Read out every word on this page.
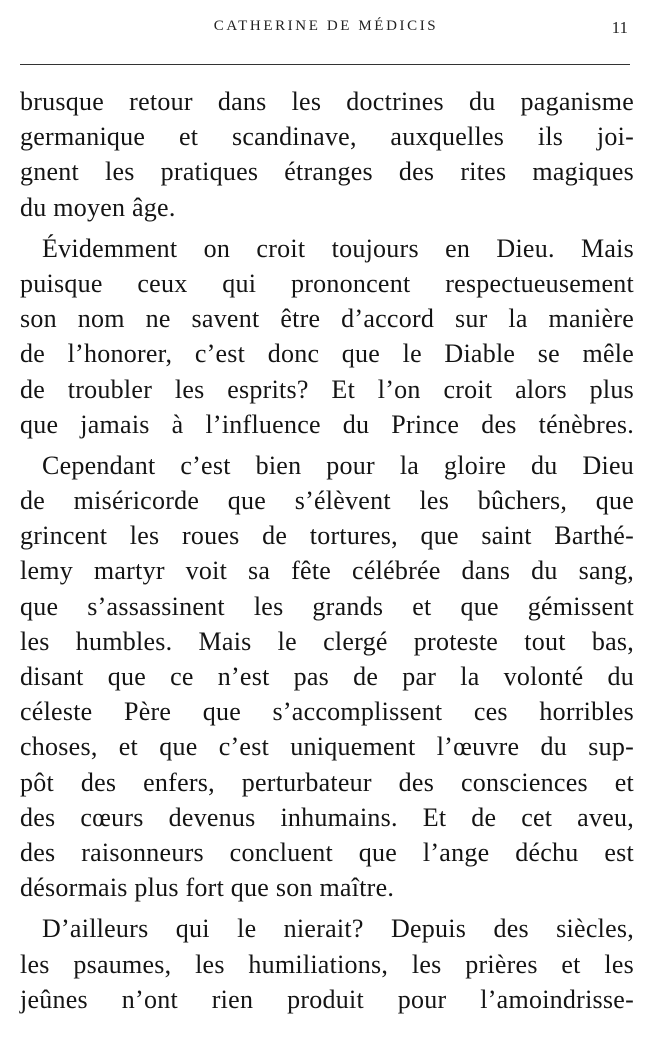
CATHERINE DE MÉDICIS	11
brusque retour dans les doctrines du paganisme
germanique et scandinave, auxquelles ils joi-
gnent les pratiques étranges des rites magiques
du moyen âge.
Évidemment on croit toujours en Dieu. Mais
puisque ceux qui prononcent respectueusement
son nom ne savent être d’accord sur la manière
de l’honorer, c’est donc que le Diable se mêle
de troubler les esprits? Et l’on croit alors plus
que jamais à l’influence du Prince des ténèbres.
Cependant c’est bien pour la gloire du Dieu
de miséricorde que s’élèvent les bûchers, que
grincent les roues de tortures, que saint Barthé-
lemy martyr voit sa fête célébrée dans du sang,
que s’assassinent les grands et que gémissent
les humbles. Mais le clergé proteste tout bas,
disant que ce n’est pas de par la volonté du
céleste Père que s’accomplissent ces horribles
choses, et que c’est uniquement l’œuvre du sup-
pôt des enfers, perturbateur des consciences et
des cœurs devenus inhumains. Et de cet aveu,
des raisonneurs concluent que l’ange déchu est
désormais plus fort que son maître.
D’ailleurs qui le nierait? Depuis des siècles,
les psaumes, les humiliations, les prières et les
jeûnes n’ont rien produit pour l’amoindrisse-
